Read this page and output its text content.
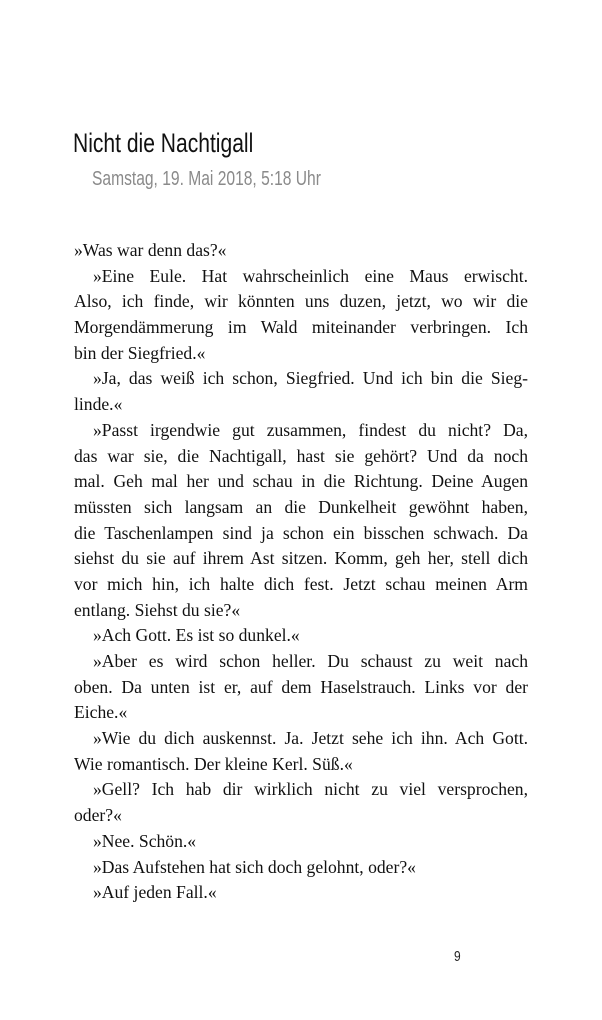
Nicht die Nachtigall
Samstag, 19. Mai 2018, 5:18 Uhr
»Was war denn das?«
»Eine Eule. Hat wahrscheinlich eine Maus erwischt.
Also, ich finde, wir könnten uns duzen, jetzt, wo wir die
Morgendämmerung im Wald miteinander verbringen. Ich
bin der Siegfried.«
»Ja, das weiß ich schon, Siegfried. Und ich bin die Sieg-
linde.«
»Passt irgendwie gut zusammen, findest du nicht? Da,
das war sie, die Nachtigall, hast sie gehört? Und da noch
mal. Geh mal her und schau in die Richtung. Deine Augen
müssten sich langsam an die Dunkelheit gewöhnt haben,
die Taschenlampen sind ja schon ein bisschen schwach. Da
siehst du sie auf ihrem Ast sitzen. Komm, geh her, stell dich
vor mich hin, ich halte dich fest. Jetzt schau meinen Arm
entlang. Siehst du sie?«
»Ach Gott. Es ist so dunkel.«
»Aber es wird schon heller. Du schaust zu weit nach
oben. Da unten ist er, auf dem Haselstrauch. Links vor der
Eiche.«
»Wie du dich auskennst. Ja. Jetzt sehe ich ihn. Ach Gott.
Wie romantisch. Der kleine Kerl. Süß.«
»Gell? Ich hab dir wirklich nicht zu viel versprochen,
oder?«
»Nee. Schön.«
»Das Aufstehen hat sich doch gelohnt, oder?«
»Auf jeden Fall.«
9
